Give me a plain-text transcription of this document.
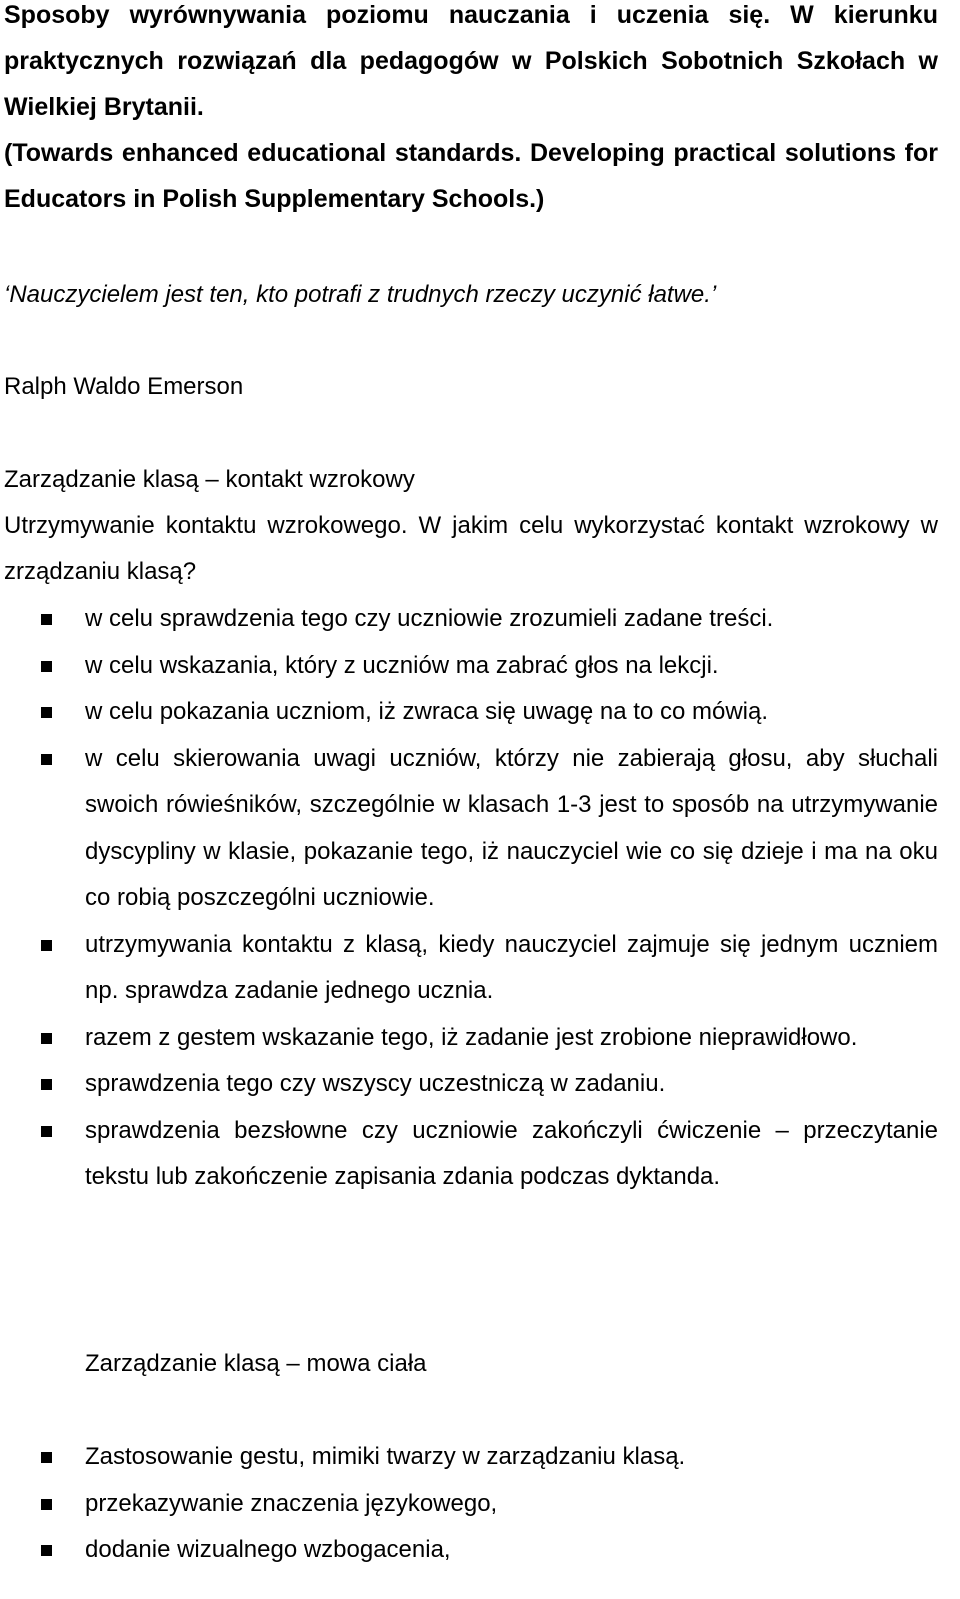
Sposoby wyrównywania poziomu nauczania i uczenia się. W kierunku praktycznych rozwiązań dla pedagogów w Polskich Sobotnich Szkołach w Wielkiej Brytanii.
(Towards enhanced educational standards. Developing practical solutions for Educators in Polish Supplementary Schools.)
‘Nauczycielem jest ten, kto potrafi z trudnych rzeczy uczynić łatwe.’
Ralph Waldo Emerson
Zarządzanie klasą – kontakt wzrokowy
Utrzymywanie kontaktu wzrokowego. W jakim celu wykorzystać kontakt wzrokowy w zrządzaniu klasą?
w celu sprawdzenia tego czy uczniowie zrozumieli zadane treści.
w celu wskazania, który z uczniów ma zabrać głos na lekcji.
w celu pokazania uczniom, iż zwraca się uwagę na to co mówią.
w celu skierowania uwagi uczniów, którzy nie zabierają głosu, aby słuchali swoich rówieśników, szczególnie w klasach 1-3 jest to sposób na utrzymywanie dyscypliny w klasie, pokazanie tego, iż nauczyciel wie co się dzieje i ma na oku co robią poszczególni uczniowie.
utrzymywania kontaktu z klasą, kiedy nauczyciel zajmuje się jednym uczniem np. sprawdza zadanie jednego ucznia.
razem z gestem wskazanie tego, iż zadanie jest zrobione nieprawidłowo.
sprawdzenia tego czy wszyscy uczestniczą w zadaniu.
sprawdzenia bezsłowne czy uczniowie zakończyli ćwiczenie – przeczytanie tekstu lub zakończenie zapisania zdania podczas dyktanda.
Zarządzanie klasą – mowa ciała
Zastosowanie gestu, mimiki twarzy w zarządzaniu klasą.
przekazywanie znaczenia językowego,
dodanie wizualnego wzbogacenia,
